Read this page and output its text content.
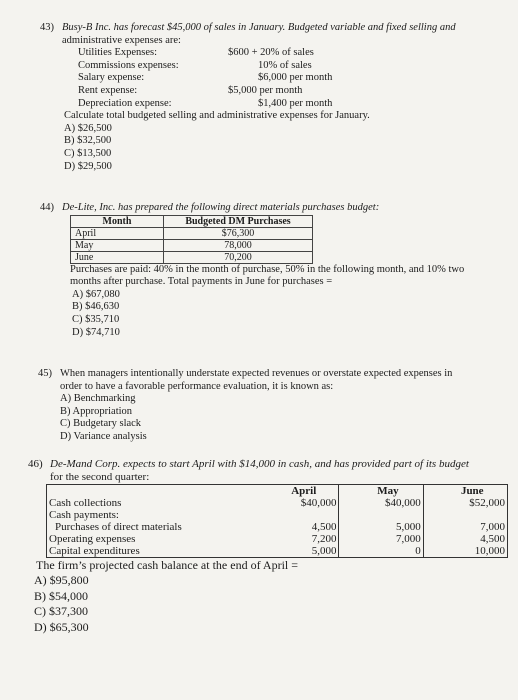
43) Busy-B Inc. has forecast $45,000 of sales in January. Budgeted variable and fixed selling and

administrative expenses are:

Utilities Expenses:	$600 + 20% of sales
Commissions expenses:	10% of sales
Salary expense:	$6,000 per month
Rent expense:	$5,000 per month
Depreciation expense:	$1,400 per month

Calculate total budgeted selling and administrative expenses for January.

A) $26,500

B) $32,500

C) $13,500

D) $29,500

44) De-Lite, Inc. has prepared the following direct materials purchases budget:

Month	Budgeted DM Purchases
April	$76,300
May	78,000
June	70,200

Purchases are paid: 40% in the month of purchase, 50% in the following month, and 10% two

months after purchase. Total payments in June for purchases =

A) $67,080

B) $46,630

C) $35,710

D) $74,710

45) When managers intentionally understate expected revenues or overstate expected expenses in

order to have a favorable performance evaluation, it is known as:

A) Benchmarking

B) Appropriation

C) Budgetary slack

D) Variance analysis

46) De-Mand Corp. expects to start April with $14,000 in cash, and has provided part of its budget

for the second quarter:

	April		May		June
Cash collections	$40,000		$40,000		$52,000
Cash payments:					
Purchases of direct materials	4,500		5,000		7,000
Operating expenses	7,200		7,000		4,500
Capital expenditures	5,000		0		10,000

The firm’s projected cash balance at the end of April =

A) $95,800

B) $54,000

C) $37,300

D) $65,300
